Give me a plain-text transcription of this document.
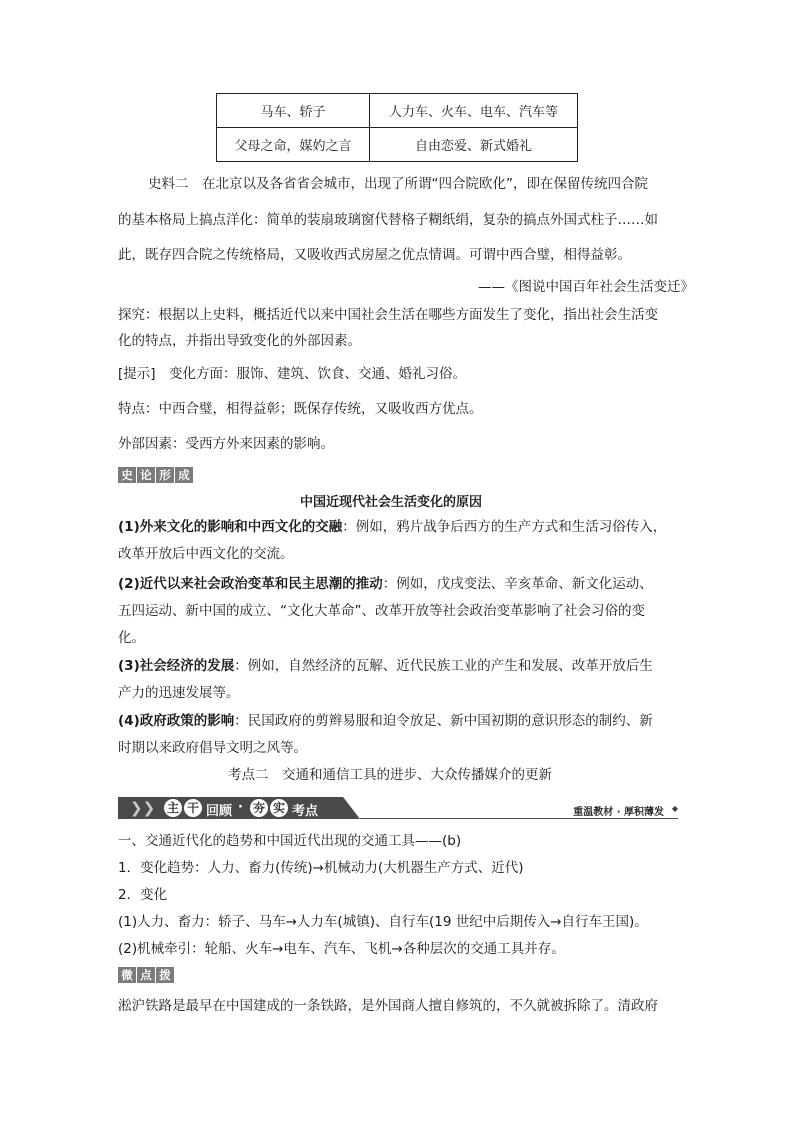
马车、轿子	人力车、火车、电车、汽车等
父母之命，媒妁之言	自由恋爱、新式婚礼
史料二　在北京以及各省省会城市，出现了所谓“四合院欧化”，即在保留传统四合院
的基本格局上搞点洋化：简单的装扇玻璃窗代替格子糊纸绢，复杂的搞点外国式柱子……如
此，既存四合院之传统格局，又吸收西式房屋之优点情调。可谓中西合璧，相得益彰。
——《图说中国百年社会生活变迁》
探究：根据以上史料，概括近代以来中国社会生活在哪些方面发生了变化，指出社会生活变
化的特点，并指出导致变化的外部因素。
[提示]　变化方面：服饰、建筑、饮食、交通、婚礼习俗。
特点：中西合璧，相得益彰；既保存传统，又吸收西方优点。
外部因素：受西方外来因素的影响。
史 论 形 成
中国近现代社会生活变化的原因
(1)外来文化的影响和中西文化的交融：例如，鸦片战争后西方的生产方式和生活习俗传入，
改革开放后中西文化的交流。
(2)近代以来社会政治变革和民主思潮的推动：例如，戊戌变法、辛亥革命、新文化运动、
五四运动、新中国的成立、“文化大革命”、改革开放等社会政治变革影响了社会习俗的变
化。
(3)社会经济的发展：例如，自然经济的瓦解、近代民族工业的产生和发展、改革开放后生
产力的迅速发展等。
(4)政府政策的影响：民国政府的剪辫易服和迫令放足、新中国初期的意识形态的制约、新
时期以来政府倡导文明之风等。
考点二　交通和通信工具的进步、大众传播媒介的更新
❯❯ 主 干 回顾 · 夯 实 考点	重温教材 · 厚积薄发 ◆
一、交通近代化的趋势和中国近代出现的交通工具——(b)
1．变化趋势：人力、畜力(传统)→机械动力(大机器生产方式、近代)
2．变化
(1)人力、畜力：轿子、马车→人力车(城镇)、自行车(19 世纪中后期传入→自行车王国)。
(2)机械牵引：轮船、火车→电车、汽车、飞机→各种层次的交通工具并存。
微 点 拨
淞沪铁路是最早在中国建成的一条铁路，是外国商人擅自修筑的，不久就被拆除了。清政府
